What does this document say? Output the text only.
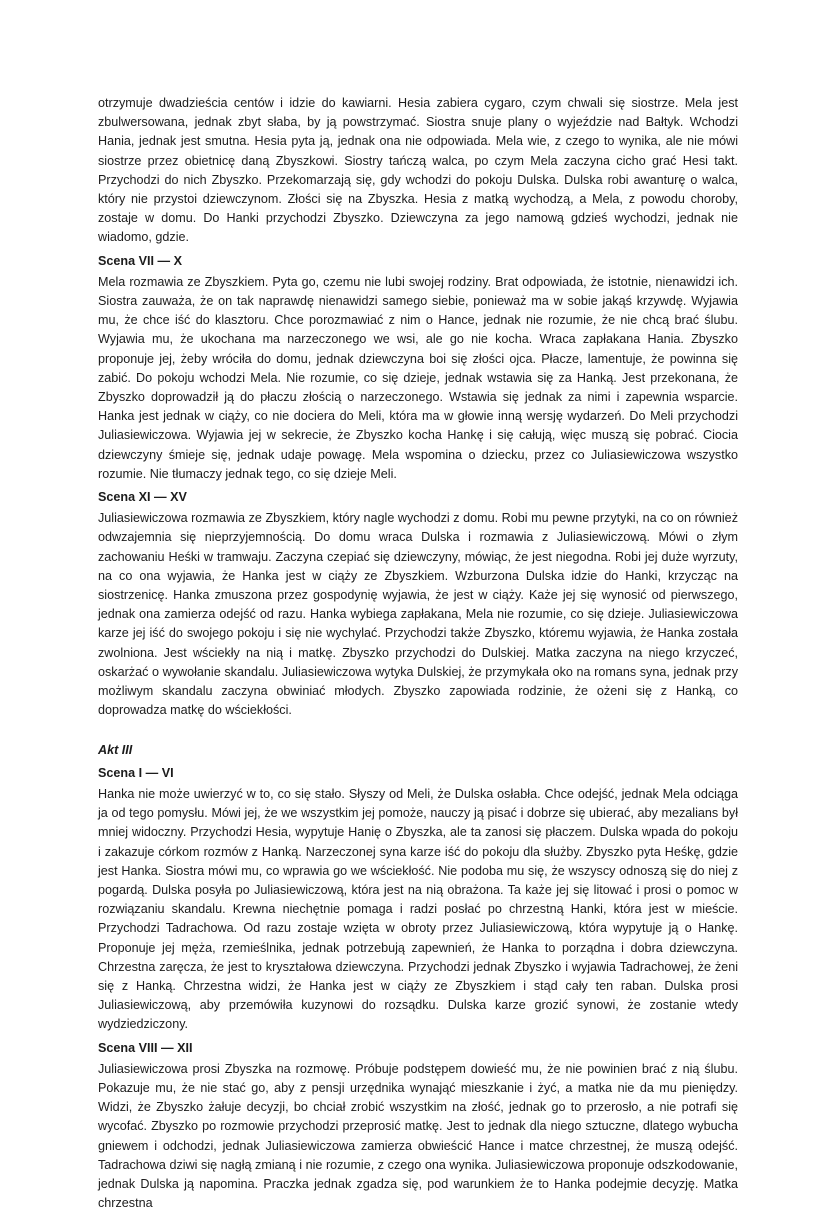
otrzymuje dwadzieścia centów i idzie do kawiarni. Hesia zabiera cygaro, czym chwali się siostrze. Mela jest zbulwersowana, jednak zbyt słaba, by ją powstrzymać. Siostra snuje plany o wyjeździe nad Bałtyk. Wchodzi Hania, jednak jest smutna. Hesia pyta ją, jednak ona nie odpowiada. Mela wie, z czego to wynika, ale nie mówi siostrze przez obietnicę daną Zbyszkowi. Siostry tańczą walca, po czym Mela zaczyna cicho grać Hesi takt. Przychodzi do nich Zbyszko. Przekomarzają się, gdy wchodzi do pokoju Dulska. Dulska robi awanturę o walca, który nie przystoi dziewczynom. Złości się na Zbyszka. Hesia z matką wychodzą, a Mela, z powodu choroby, zostaje w domu. Do Hanki przychodzi Zbyszko. Dziewczyna za jego namową gdzieś wychodzi, jednak nie wiadomo, gdzie.

Scena VII — X

Mela rozmawia ze Zbyszkiem. Pyta go, czemu nie lubi swojej rodziny. Brat odpowiada, że istotnie, nienawidzi ich. Siostra zauważa, że on tak naprawdę nienawidzi samego siebie, ponieważ ma w sobie jakąś krzywdę. Wyjawia mu, że chce iść do klasztoru. Chce porozmawiać z nim o Hance, jednak nie rozumie, że nie chcą brać ślubu. Wyjawia mu, że ukochana ma narzeczonego we wsi, ale go nie kocha. Wraca zapłakana Hania. Zbyszko proponuje jej, żeby wróciła do domu, jednak dziewczyna boi się złości ojca. Płacze, lamentuje, że powinna się zabić. Do pokoju wchodzi Mela. Nie rozumie, co się dzieje, jednak wstawia się za Hanką. Jest przekonana, że Zbyszko doprowadził ją do płaczu złością o narzeczonego. Wstawia się jednak za nimi i zapewnia wsparcie. Hanka jest jednak w ciąży, co nie dociera do Meli, która ma w głowie inną wersję wydarzeń. Do Meli przychodzi Juliasiewiczowa. Wyjawia jej w sekrecie, że Zbyszko kocha Hankę i się całują, więc muszą się pobrać. Ciocia dziewczyny śmieje się, jednak udaje powagę. Mela wspomina o dziecku, przez co Juliasiewiczowa wszystko rozumie. Nie tłumaczy jednak tego, co się dzieje Meli.

Scena XI — XV

Juliasiewiczowa rozmawia ze Zbyszkiem, który nagle wychodzi z domu. Robi mu pewne przytyki, na co on również odwzajemnia się nieprzyjemnością. Do domu wraca Dulska i rozmawia z Juliasiewiczową. Mówi o złym zachowaniu Heśki w tramwaju. Zaczyna czepiać się dziewczyny, mówiąc, że jest niegodna. Robi jej duże wyrzuty, na co ona wyjawia, że Hanka jest w ciąży ze Zbyszkiem. Wzburzona Dulska idzie do Hanki, krzycząc na siostrzenicę. Hanka zmuszona przez gospodynię wyjawia, że jest w ciąży. Każe jej się wynosić od pierwszego, jednak ona zamierza odejść od razu. Hanka wybiega zapłakana, Mela nie rozumie, co się dzieje. Juliasiewiczowa karze jej iść do swojego pokoju i się nie wychylać. Przychodzi także Zbyszko, któremu wyjawia, że Hanka została zwolniona. Jest wściekły na nią i matkę. Zbyszko przychodzi do Dulskiej. Matka zaczyna na niego krzyczeć, oskarżać o wywołanie skandalu. Juliasiewiczowa wytyka Dulskiej, że przymykała oko na romans syna, jednak przy możliwym skandalu zaczyna obwiniać młodych. Zbyszko zapowiada rodzinie, że ożeni się z Hanką, co doprowadza matkę do wściekłości.

Akt III
Scena I — VI

Hanka nie może uwierzyć w to, co się stało. Słyszy od Meli, że Dulska osłabła. Chce odejść, jednak Mela odciąga ja od tego pomysłu. Mówi jej, że we wszystkim jej pomoże, nauczy ją pisać i dobrze się ubierać, aby mezalians był mniej widoczny. Przychodzi Hesia, wypytuje Hanię o Zbyszka, ale ta zanosi się płaczem. Dulska wpada do pokoju i zakazuje córkom rozmów z Hanką. Narzeczonej syna karze iść do pokoju dla służby. Zbyszko pyta Heśkę, gdzie jest Hanka. Siostra mówi mu, co wprawia go we wściekłość. Nie podoba mu się, że wszyscy odnoszą się do niej z pogardą. Dulska posyła po Juliasiewiczową, która jest na nią obrażona. Ta każe jej się litować i prosi o pomoc w rozwiązaniu skandalu. Krewna niechętnie pomaga i radzi posłać po chrzestną Hanki, która jest w mieście. Przychodzi Tadrachowa. Od razu zostaje wzięta w obroty przez Juliasiewiczową, która wypytuje ją o Hankę. Proponuje jej męża, rzemieślnika, jednak potrzebują zapewnień, że Hanka to porządna i dobra dziewczyna. Chrzestna zaręcza, że jest to kryształowa dziewczyna. Przychodzi jednak Zbyszko i wyjawia Tadrachowej, że żeni się z Hanką. Chrzestna widzi, że Hanka jest w ciąży ze Zbyszkiem i stąd cały ten raban. Dulska prosi Juliasiewiczową, aby przemówiła kuzynowi do rozsądku. Dulska karze grozić synowi, że zostanie wtedy wydziedziczony.

Scena VIII — XII

Juliasiewiczowa prosi Zbyszka na rozmowę. Próbuje podstępem dowieść mu, że nie powinien brać z nią ślubu. Pokazuje mu, że nie stać go, aby z pensji urzędnika wynająć mieszkanie i żyć, a matka nie da mu pieniędzy. Widzi, że Zbyszko żałuje decyzji, bo chciał zrobić wszystkim na złość, jednak go to przerosło, a nie potrafi się wycofać. Zbyszko po rozmowie przychodzi przeprosić matkę. Jest to jednak dla niego sztuczne, dlatego wybucha gniewem i odchodzi, jednak Juliasiewiczowa zamierza obwieścić Hance i matce chrzestnej, że muszą odejść. Tadrachowa dziwi się nagłą zmianą i nie rozumie, z czego ona wynika. Juliasiewiczowa proponuje odszkodowanie, jednak Dulska ją napomina. Praczka jednak zgadza się, pod warunkiem że to Hanka podejmie decyzję. Matka chrzestna
